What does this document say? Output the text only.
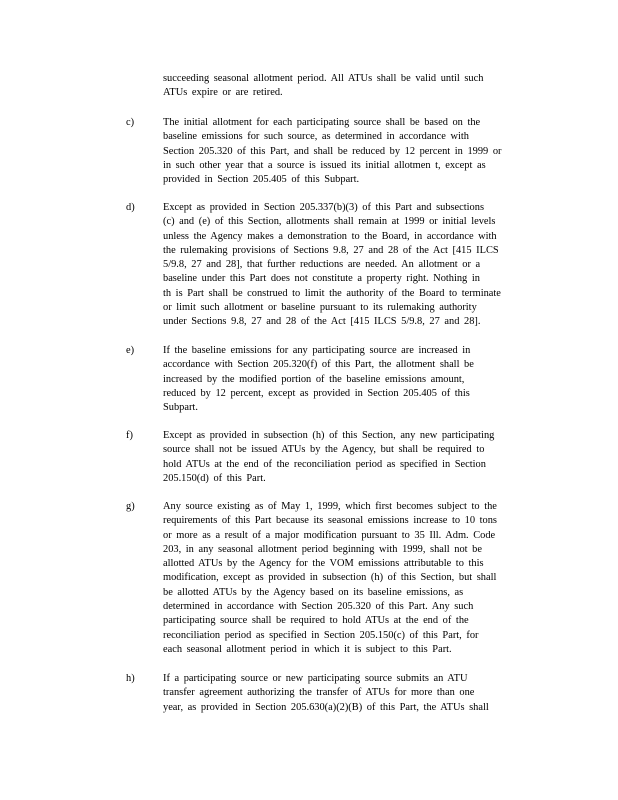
succeeding seasonal allotment period. All ATUs shall be valid until such
ATUs expire or are retired.
c)	The initial allotment for each participating source shall be based on the
baseline emissions for such source, as determined in accordance with
Section 205.320 of this Part, and shall be reduced by 12 percent in 1999 or
in such other year that a source is issued its initial allotmen t, except as
provided in Section 205.405 of this Subpart.
d)	Except as provided in Section 205.337(b)(3) of this Part and subsections
(c) and (e) of this Section, allotments shall remain at 1999 or initial levels
unless the Agency makes a demonstration to the Board, in accordance with
the rulemaking provisions of Sections 9.8, 27 and 28 of the Act [415 ILCS
5/9.8, 27 and 28], that further reductions are needed. An allotment or a
baseline under this Part does not constitute a property right. Nothing in
th is Part shall be construed to limit the authority of the Board to terminate
or limit such allotment or baseline pursuant to its rulemaking authority
under Sections 9.8, 27 and 28 of the Act [415 ILCS 5/9.8, 27 and 28].
e)	If the baseline emissions for any participating source are increased in
accordance with Section 205.320(f) of this Part, the allotment shall be
increased by the modified portion of the baseline emissions amount,
reduced by 12 percent, except as provided in Section 205.405 of this
Subpart.
f)	Except as provided in subsection (h) of this Section, any new participating
source shall not be issued ATUs by the Agency, but shall be required to
hold ATUs at the end of the reconciliation period as specified in Section
205.150(d) of this Part.
g)	Any source existing as of May 1, 1999, which first becomes subject to the
requirements of this Part because its seasonal emissions increase to 10 tons
or more as a result of a major modification pursuant to 35 Ill. Adm. Code
203, in any seasonal allotment period beginning with 1999, shall not be
allotted ATUs by the Agency for the VOM emissions attributable to this
modification, except as provided in subsection (h) of this Section, but shall
be allotted ATUs by the Agency based on its baseline emissions, as
determined in accordance with Section 205.320 of this Part. Any such
participating source shall be required to hold ATUs at the end of the
reconciliation period as specified in Section 205.150(c) of this Part, for
each seasonal allotment period in which it is subject to this Part.
h)	If a participating source or new participating source submits an ATU
transfer agreement authorizing the transfer of ATUs for more than one
year, as provided in Section 205.630(a)(2)(B) of this Part, the ATUs shall
